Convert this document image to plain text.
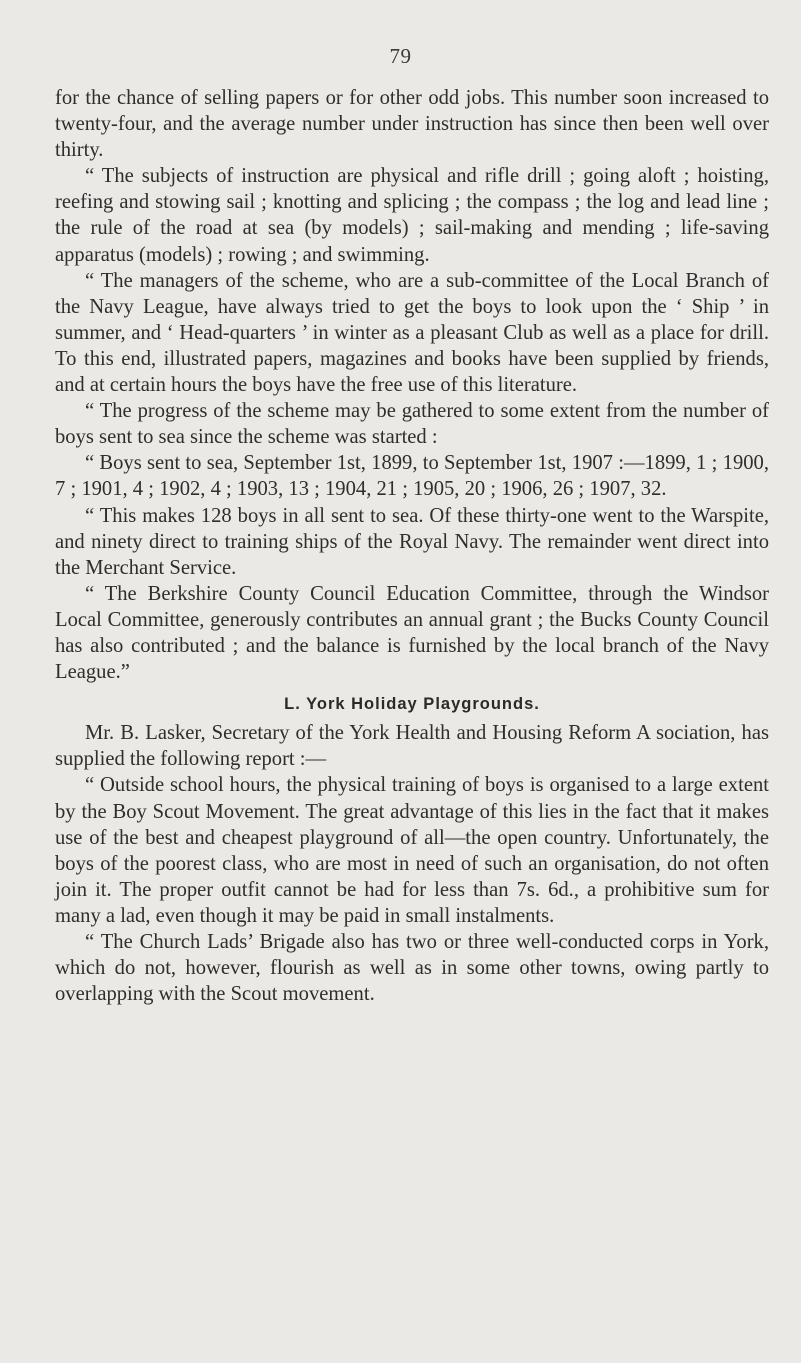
79

for the chance of selling papers or for other odd jobs. This number soon increased to twenty-four, and the average number under instruction has since then been well over thirty.

“ The subjects of instruction are physical and rifle drill ; going aloft ; hoisting, reefing and stowing sail ; knotting and splicing ; the compass ; the log and lead line ; the rule of the road at sea (by models) ; sail-making and mending ; life-saving apparatus (models) ; rowing ; and swimming.

“ The managers of the scheme, who are a sub-committee of the Local Branch of the Navy League, have always tried to get the boys to look upon the ‘ Ship ’ in summer, and ‘ Head-quarters ’ in winter as a pleasant Club as well as a place for drill. To this end, illustrated papers, magazines and books have been supplied by friends, and at certain hours the boys have the free use of this literature.

“ The progress of the scheme may be gathered to some extent from the number of boys sent to sea since the scheme was started :

“ Boys sent to sea, September 1st, 1899, to September 1st, 1907 :—1899, 1 ; 1900, 7 ; 1901, 4 ; 1902, 4 ; 1903, 13 ; 1904, 21 ; 1905, 20 ; 1906, 26 ; 1907, 32.

“ This makes 128 boys in all sent to sea. Of these thirty-one went to the Warspite, and ninety direct to training ships of the Royal Navy. The remainder went direct into the Merchant Service.

“ The Berkshire County Council Education Committee, through the Windsor Local Committee, generously contributes an annual grant ; the Bucks County Council has also contributed ; and the balance is furnished by the local branch of the Navy League.”

L. York Holiday Playgrounds.

Mr. B. Lasker, Secretary of the York Health and Housing Reform A sociation, has supplied the following report :—

“ Outside school hours, the physical training of boys is organised to a large extent by the Boy Scout Movement. The great advantage of this lies in the fact that it makes use of the best and cheapest playground of all—the open country. Unfortunately, the boys of the poorest class, who are most in need of such an organisation, do not often join it. The proper outfit cannot be had for less than 7s. 6d., a prohibitive sum for many a lad, even though it may be paid in small instalments.

“ The Church Lads’ Brigade also has two or three well-conducted corps in York, which do not, however, flourish as well as in some other towns, owing partly to overlapping with the Scout movement.
